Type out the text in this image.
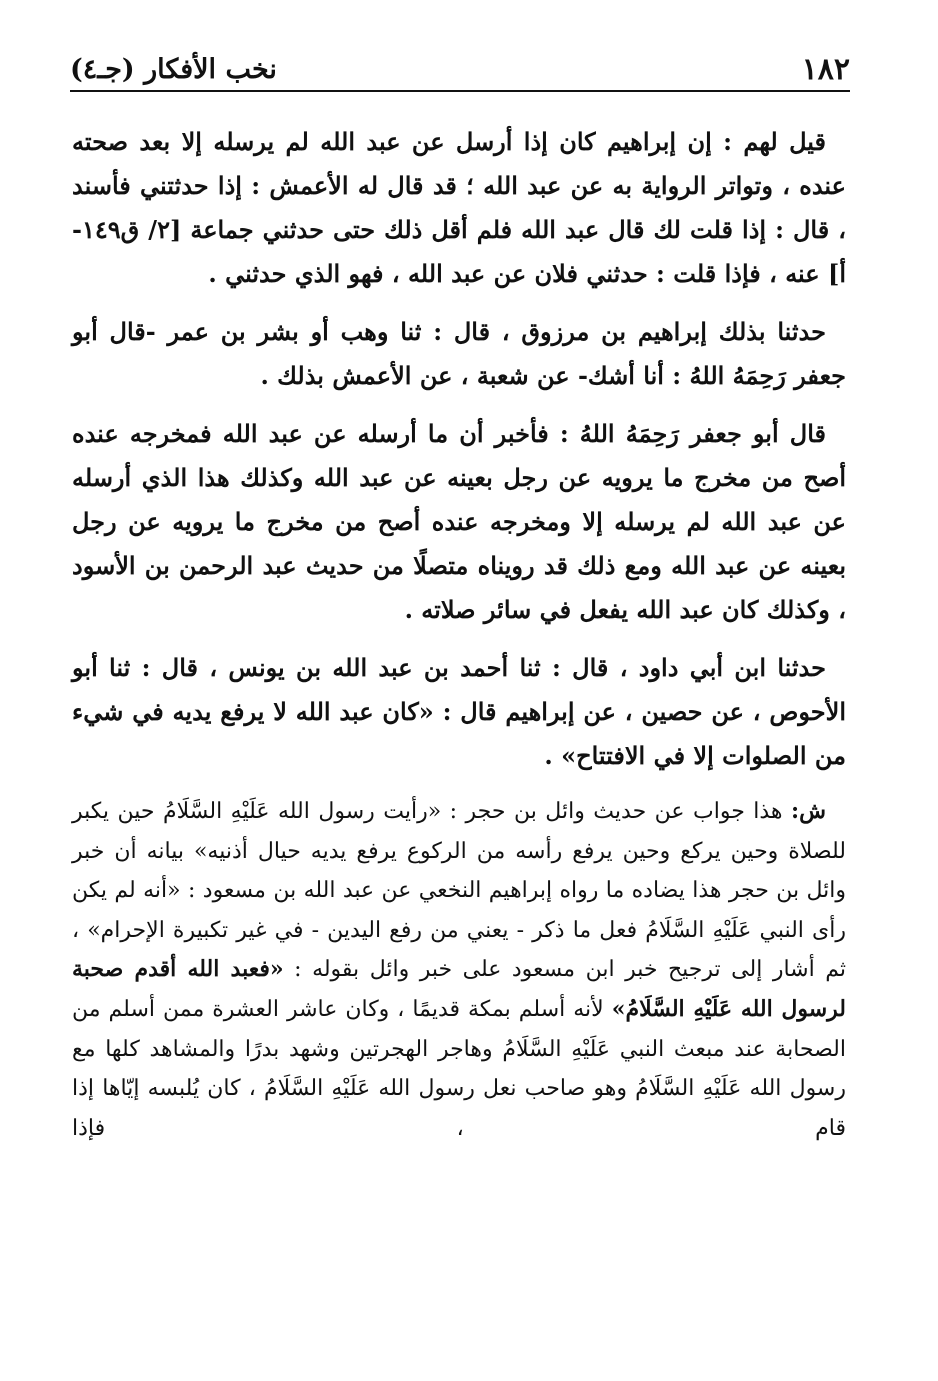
١٨٢
نخب الأفكار (جـ٤)

قيل لهم : إن إبراهيم كان إذا أرسل عن عبد الله لم يرسله إلا بعد صحته عنده ، وتواتر الرواية به عن عبد الله ؛ قد قال له الأعمش : إذا حدثتني فأسند ، قال : إذا قلت لك قال عبد الله فلم أقل ذلك حتى حدثني جماعة [٢/ ق١٤٩-أ] عنه ، فإذا قلت : حدثني فلان عن عبد الله ، فهو الذي حدثني .

حدثنا بذلك إبراهيم بن مرزوق ، قال : ثنا وهب أو بشر بن عمر -قال أبو جعفر رَحِمَهُ اللهُ : أنا أشك- عن شعبة ، عن الأعمش بذلك .

قال أبو جعفر رَحِمَهُ اللهُ : فأخبر أن ما أرسله عن عبد الله فمخرجه عنده أصح من مخرج ما يرويه عن رجل بعينه عن عبد الله وكذلك هذا الذي أرسله عن عبد الله لم يرسله إلا ومخرجه عنده أصح من مخرج ما يرويه عن رجل بعينه عن عبد الله ومع ذلك قد رويناه متصلًا من حديث عبد الرحمن بن الأسود ، وكذلك كان عبد الله يفعل في سائر صلاته .

حدثنا ابن أبي داود ، قال : ثنا أحمد بن عبد الله بن يونس ، قال : ثنا أبو الأحوص ، عن حصين ، عن إبراهيم قال : «كان عبد الله لا يرفع يديه في شيء من الصلوات إلا في الافتتاح» .

ش: هذا جواب عن حديث وائل بن حجر : «رأيت رسول الله عَلَيْهِ السَّلَامُ حين يكبر للصلاة وحين يركع وحين يرفع رأسه من الركوع يرفع يديه حيال أذنيه» بيانه أن خبر وائل بن حجر هذا يضاده ما رواه إبراهيم النخعي عن عبد الله بن مسعود : «أنه لم يكن رأى النبي عَلَيْهِ السَّلَامُ فعل ما ذكر - يعني من رفع اليدين - في غير تكبيرة الإحرام» ، ثم أشار إلى ترجيح خبر ابن مسعود على خبر وائل بقوله : «فعبد الله أقدم صحبة لرسول الله عَلَيْهِ السَّلَامُ» لأنه أسلم بمكة قديمًا ، وكان عاشر العشرة ممن أسلم من الصحابة عند مبعث النبي عَلَيْهِ السَّلَامُ وهاجر الهجرتين وشهد بدرًا والمشاهد كلها مع رسول الله عَلَيْهِ السَّلَامُ وهو صاحب نعل رسول الله عَلَيْهِ السَّلَامُ ، كان يُلبسه إيّاها إذا قام ، فإذا
